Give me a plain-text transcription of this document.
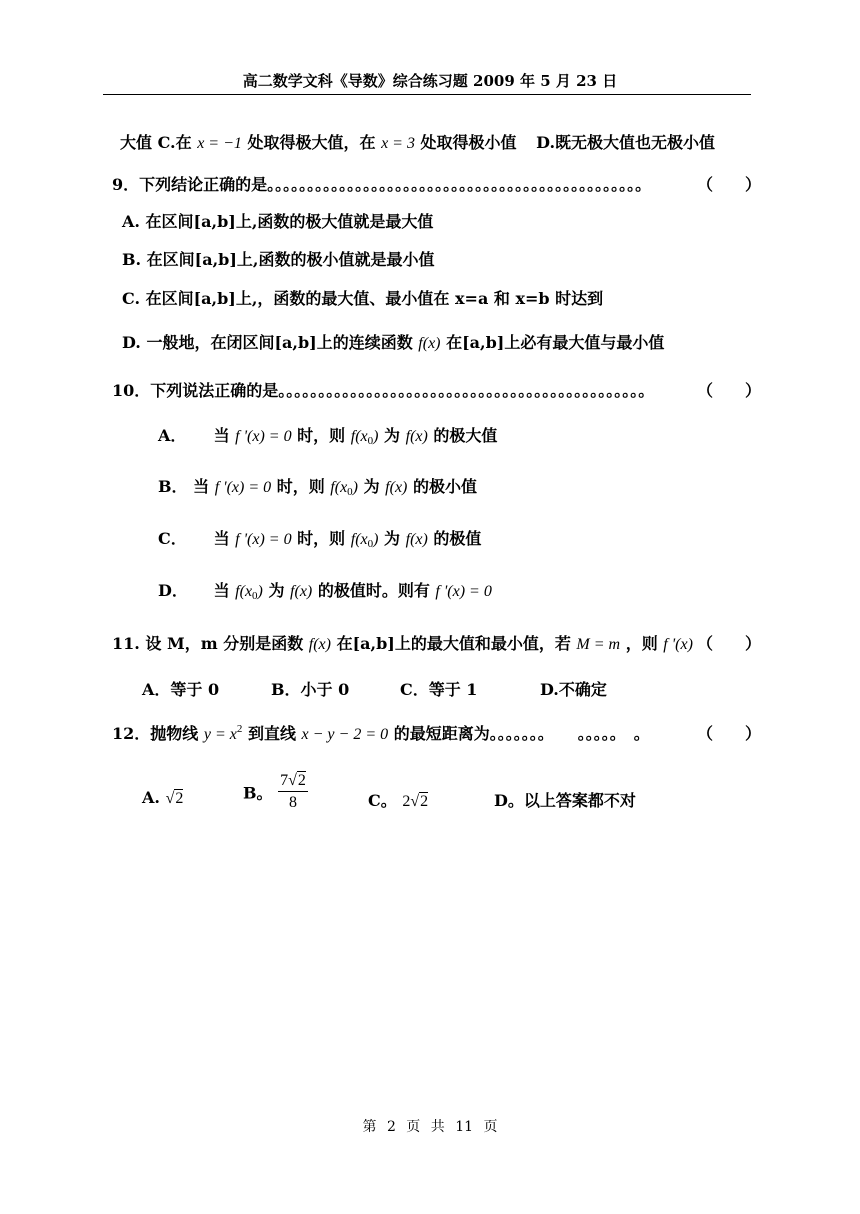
高二数学文科《导数》综合练习题 2009 年 5 月 23 日
大值 C.在 x = −1 处取得极大值，在 x = 3 处取得极小值 D.既无极大值也无极小值
9．下列结论正确的是。。。。。。。。。。。。。。。。。。。。。。。。。。。。。。。。。。。。。。。。。。。。。。。	（　　）
A. 在区间[a,b]上,函数的极大值就是最大值
B. 在区间[a,b]上,函数的极小值就是最小值
C. 在区间[a,b]上,，函数的最大值、最小值在 x=a 和 x=b 时达到
D. 一般地，在闭区间[a,b]上的连续函数 f(x) 在[a,b]上必有最大值与最小值
10．下列说法正确的是。。。。。。。。。。。。。。。。。。。。。。。。。。。。。。。。。。。。。。。。。。。。。。	（　　）
A． 当 f '(x) = 0 时，则 $f(x_0)$ 为 f(x) 的极大值
B． 当 f '(x) = 0 时，则 $f(x_0)$ 为 f(x) 的极小值
C． 当 f '(x) = 0 时，则 $f(x_0)$ 为 f(x) 的极值
D． 当 $f(x_0)$ 为 f(x) 的极值时。则有 f '(x) = 0
11. 设 M，m 分别是函数 f(x) 在[a,b]上的最大值和最小值，若 M = m ，则 f '(x) （　　）
A．等于 0	B．小于 0	C．等于 1	D.不确定
12．抛物线 $y = x^2$ 到直线 x − y − 2 = 0 的最短距离为。。。。。。。　　。。。。。　。	（　　）
A. √2	B。 $\frac{7√2}{8}$	C。 2√2	D。以上答案都不对
第 2 页 共 11 页
